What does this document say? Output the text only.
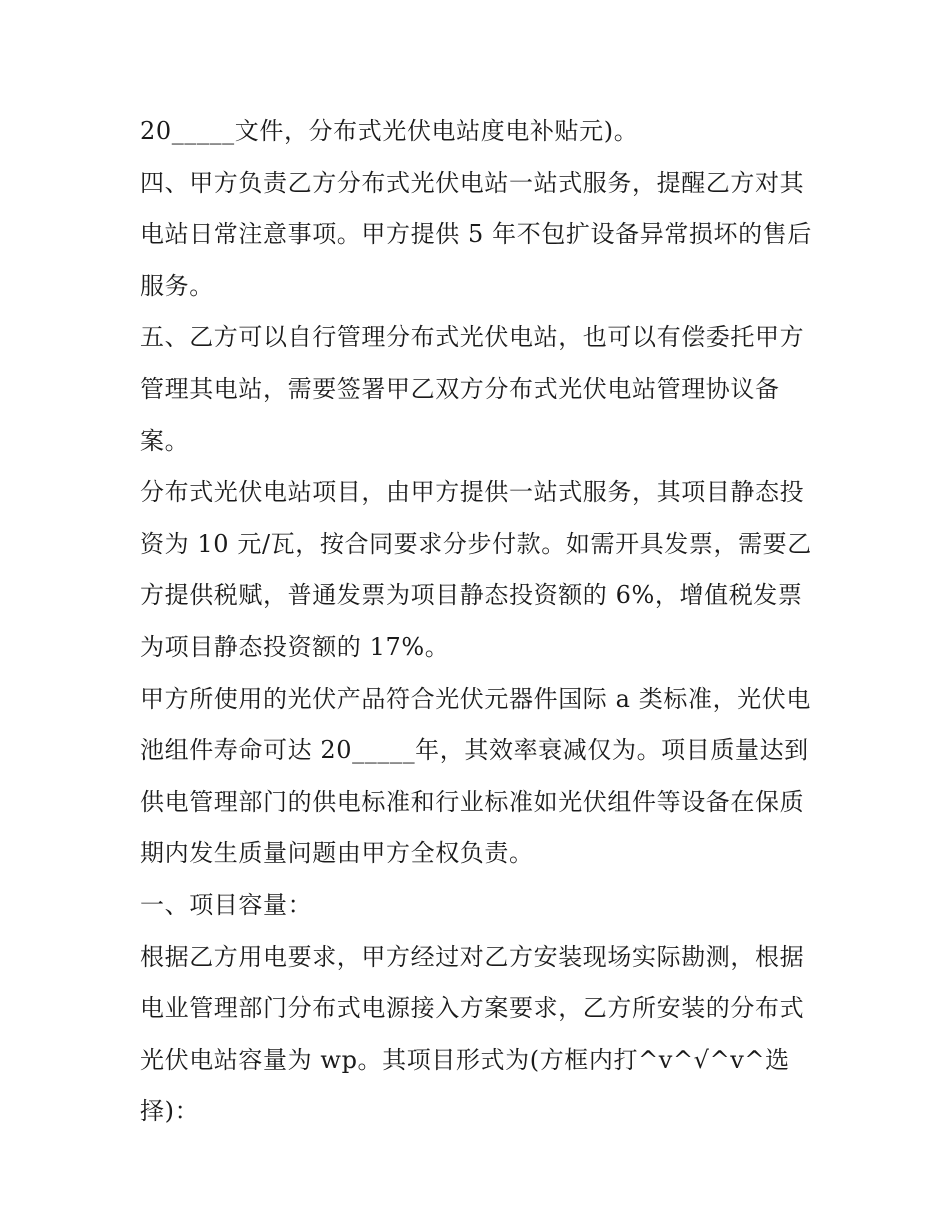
20_____文件，分布式光伏电站度电补贴元)。
四、甲方负责乙方分布式光伏电站一站式服务，提醒乙方对其
电站日常注意事项。甲方提供 5 年不包扩设备异常损坏的售后
服务。
五、乙方可以自行管理分布式光伏电站，也可以有偿委托甲方
管理其电站，需要签署甲乙双方分布式光伏电站管理协议备
案。
分布式光伏电站项目，由甲方提供一站式服务，其项目静态投
资为 10 元/瓦，按合同要求分步付款。如需开具发票，需要乙
方提供税赋，普通发票为项目静态投资额的 6%，增值税发票
为项目静态投资额的 17%。
甲方所使用的光伏产品符合光伏元器件国际 a 类标准，光伏电
池组件寿命可达 20_____年，其效率衰减仅为。项目质量达到
供电管理部门的供电标准和行业标准如光伏组件等设备在保质
期内发生质量问题由甲方全权负责。
一、项目容量：
根据乙方用电要求，甲方经过对乙方安装现场实际勘测，根据
电业管理部门分布式电源接入方案要求，乙方所安装的分布式
光伏电站容量为 wp。其项目形式为(方框内打^v^√^v^选
择)：
